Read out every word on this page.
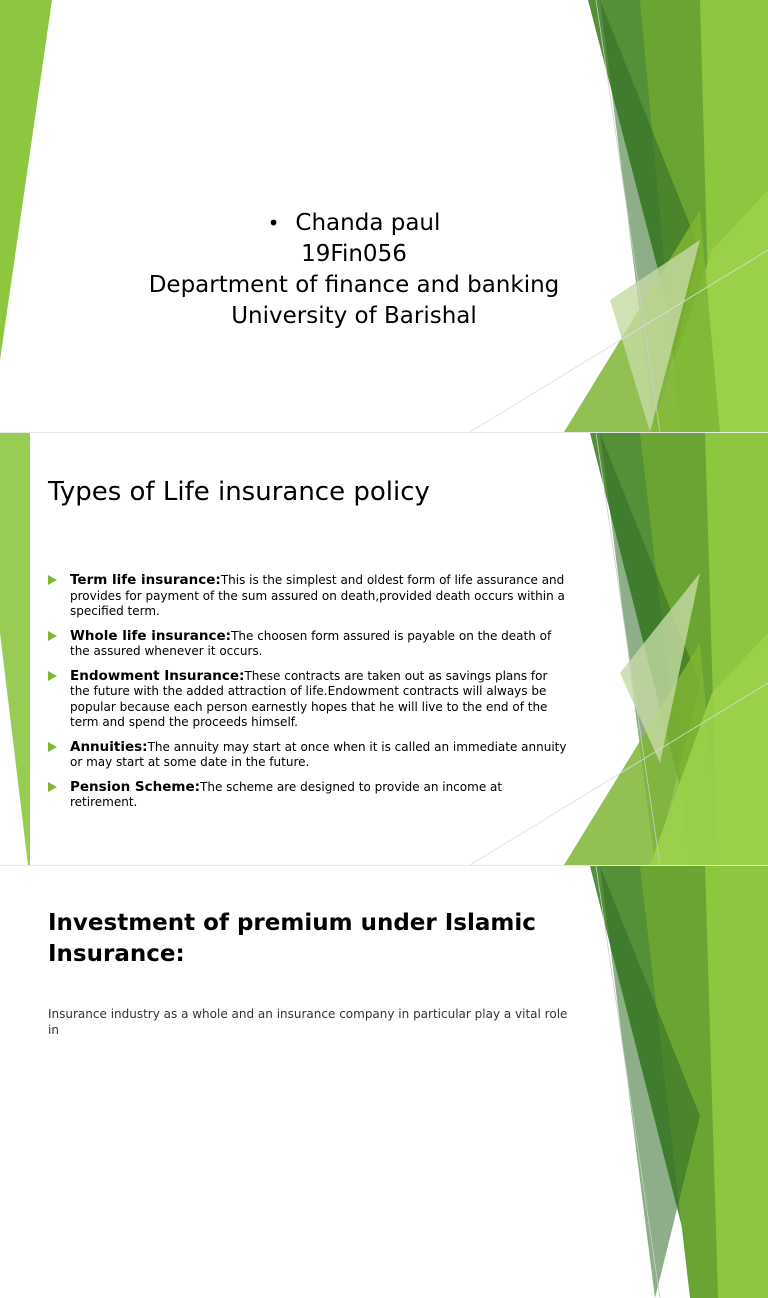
• Chanda paul
19Fin056
Department of finance and banking
University of Barishal
Types of Life insurance policy
Term life insurance:This is the simplest and oldest form of life assurance and provides for payment of the sum assured on death,provided death occurs within a specified term.
Whole life insurance:The choosen form assured is payable on the death of the assured whenever it occurs.
Endowment Insurance:These contracts are taken out as savings plans for the future with the added attraction of life.Endowment contracts will always be popular because each person earnestly hopes that he will live to the end of the term and spend the proceeds himself.
Annuities:The annuity may start at once when it is called an immediate annuity or may start at some date in the future.
Pension Scheme:The scheme are designed to provide an income at retirement.
Investment of premium under Islamic Insurance:
Insurance industry as a whole and an insurance company in particular play a vital role in
